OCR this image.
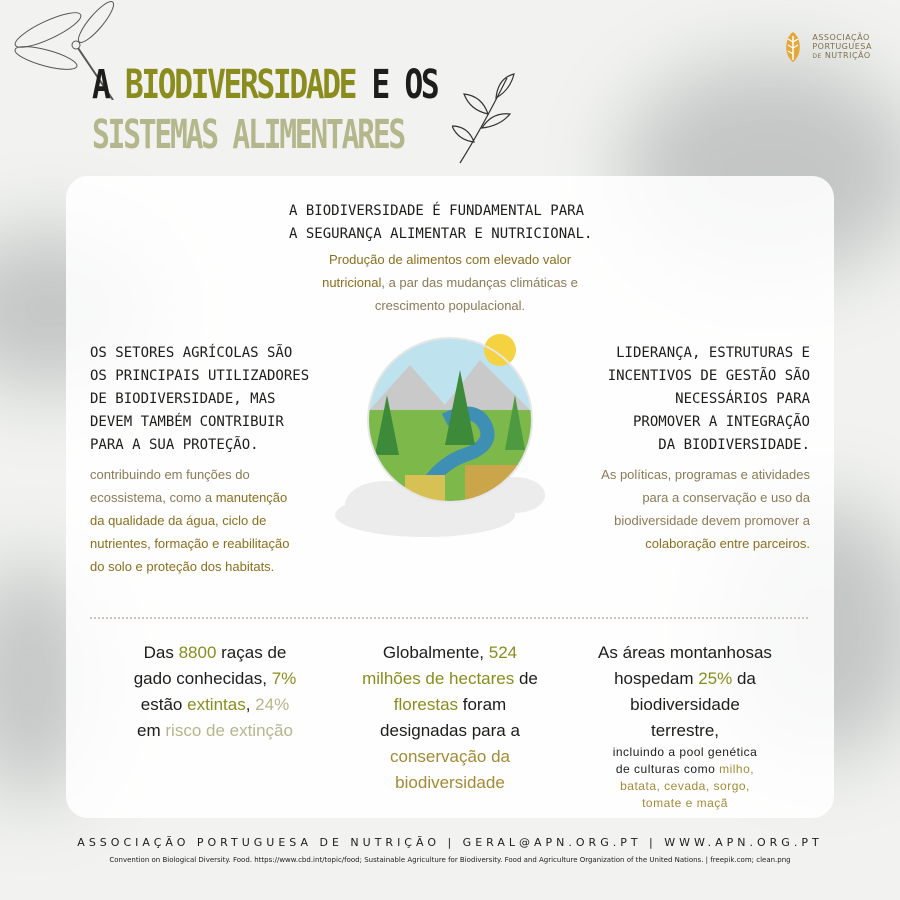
A BIODIVERSIDADE E OS
SISTEMAS ALIMENTARES
ASSOCIAÇÃO
PORTUGUESA
DE NUTRIÇÃO
A BIODIVERSIDADE É FUNDAMENTAL PARA
A SEGURANÇA ALIMENTAR E NUTRICIONAL.
Produção de alimentos com elevado valor
nutricional, a par das mudanças climáticas e
crescimento populacional.
OS SETORES AGRÍCOLAS SÃO
OS PRINCIPAIS UTILIZADORES
DE BIODIVERSIDADE, MAS
DEVEM TAMBÉM CONTRIBUIR
PARA A SUA PROTEÇÃO.
contribuindo em funções do
ecossistema, como a manutenção
da qualidade da água, ciclo de
nutrientes, formação e reabilitação
do solo e proteção dos habitats.
LIDERANÇA, ESTRUTURAS E
INCENTIVOS DE GESTÃO SÃO
NECESSÁRIOS PARA
PROMOVER A INTEGRAÇÃO
DA BIODIVERSIDADE.
As políticas, programas e atividades
para a conservação e uso da
biodiversidade devem promover a
colaboração entre parceiros.
Das 8800 raças de
gado conhecidas, 7%
estão extintas, 24%
em risco de extinção
Globalmente, 524
milhões de hectares de
florestas foram
designadas para a
conservação da
biodiversidade
As áreas montanhosas
hospedam 25% da
biodiversidade
terrestre,
incluindo a pool genética
de culturas como milho,
batata, cevada, sorgo,
tomate e maçã
ASSOCIAÇÃO PORTUGUESA DE NUTRIÇÃO | GERAL@APN.ORG.PT | WWW.APN.ORG.PT
Convention on Biological Diversity. Food. https://www.cbd.int/topic/food; Sustainable Agriculture for Biodiversity. Food and Agriculture Organization of the United Nations. | freepik.com; clean.png
